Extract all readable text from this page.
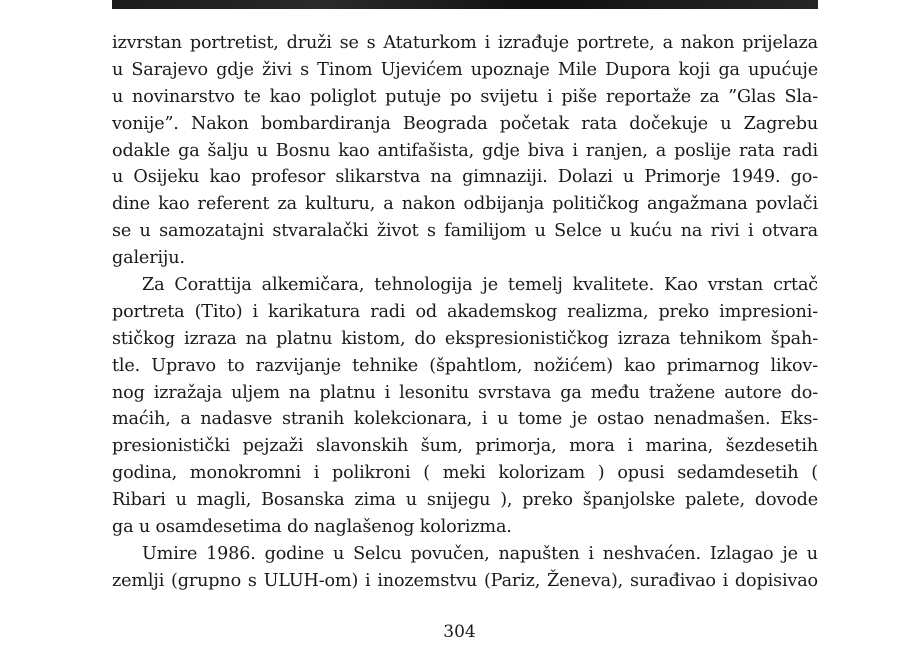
izvrstan portretist, druži se s Ataturkom i izrađuje portrete, a nakon prijelaza
u Sarajevo gdje živi s Tinom Ujevićem upoznaje Mile Dupora koji ga upućuje
u novinarstvo te kao poliglot putuje po svijetu i piše reportaže za ”Glas Sla-
vonije”. Nakon bombardiranja Beograda početak rata dočekuje u Zagrebu
odakle ga šalju u Bosnu kao antifašista, gdje biva i ranjen, a poslije rata radi
u Osijeku kao profesor slikarstva na gimnaziji. Dolazi u Primorje 1949. go-
dine kao referent za kulturu, a nakon odbijanja političkog angažmana povlači
se u samozatajni stvaralački život s familijom u Selce u kuću na rivi i otvara
galeriju.
Za Corattija alkemičara, tehnologija je temelj kvalitete. Kao vrstan crtač
portreta (Tito) i karikatura radi od akademskog realizma, preko impresioni-
stičkog izraza na platnu kistom, do ekspresionističkog izraza tehnikom špah-
tle. Upravo to razvijanje tehnike (špahtlom, nožićem) kao primarnog likov-
nog izražaja uljem na platnu i lesonitu svrstava ga među tražene autore do-
maćih, a nadasve stranih kolekcionara, i u tome je ostao nenadmašen. Eks-
presionistički pejzaži slavonskih šum, primorja, mora i marina, šezdesetih
godina, monokromni i polikroni ( meki kolorizam ) opusi sedamdesetih (
Ribari u magli, Bosanska zima u snijegu ), preko španjolske palete, dovode
ga u osamdesetima do naglašenog kolorizma.
Umire 1986. godine u Selcu povučen, napušten i neshvaćen. Izlagao je u
zemlji (grupno s ULUH-om) i inozemstvu (Pariz, Ženeva), surađivao i dopisivao
304
